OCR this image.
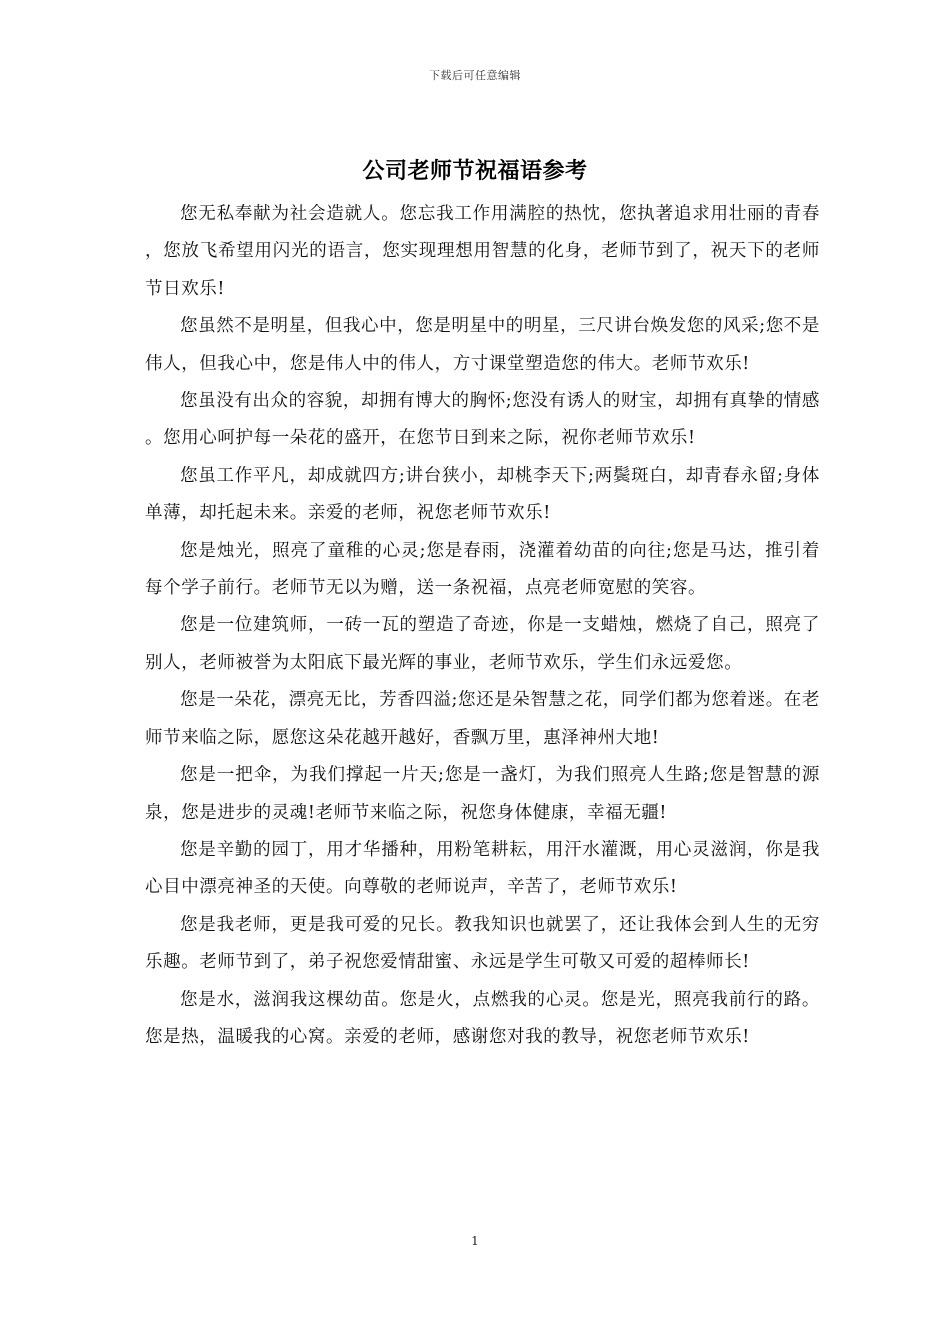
下载后可任意编辑
公司老师节祝福语参考

您无私奉献为社会造就人。您忘我工作用满腔的热忱，您执著追求用壮丽的青春，您放飞希望用闪光的语言，您实现理想用智慧的化身，老师节到了，祝天下的老师节日欢乐!

您虽然不是明星，但我心中，您是明星中的明星，三尺讲台焕发您的风采;您不是伟人，但我心中，您是伟人中的伟人，方寸课堂塑造您的伟大。老师节欢乐!

您虽没有出众的容貌，却拥有博大的胸怀;您没有诱人的财宝，却拥有真挚的情感。您用心呵护每一朵花的盛开，在您节日到来之际，祝你老师节欢乐!

您虽工作平凡，却成就四方;讲台狭小，却桃李天下;两鬓斑白，却青春永留;身体单薄，却托起未来。亲爱的老师，祝您老师节欢乐!

您是烛光，照亮了童稚的心灵;您是春雨，浇灌着幼苗的向往;您是马达，推引着每个学子前行。老师节无以为赠，送一条祝福，点亮老师宽慰的笑容。

您是一位建筑师，一砖一瓦的塑造了奇迹，你是一支蜡烛，燃烧了自己，照亮了别人，老师被誉为太阳底下最光辉的事业，老师节欢乐，学生们永远爱您。

您是一朵花，漂亮无比，芳香四溢;您还是朵智慧之花，同学们都为您着迷。在老师节来临之际，愿您这朵花越开越好，香飘万里，惠泽神州大地!

您是一把伞，为我们撑起一片天;您是一盏灯，为我们照亮人生路;您是智慧的源泉，您是进步的灵魂!老师节来临之际，祝您身体健康，幸福无疆!

您是辛勤的园丁，用才华播种，用粉笔耕耘，用汗水灌溉，用心灵滋润，你是我心目中漂亮神圣的天使。向尊敬的老师说声，辛苦了，老师节欢乐!

您是我老师，更是我可爱的兄长。教我知识也就罢了，还让我体会到人生的无穷乐趣。老师节到了，弟子祝您爱情甜蜜、永远是学生可敬又可爱的超棒师长!

您是水，滋润我这棵幼苗。您是火，点燃我的心灵。您是光，照亮我前行的路。您是热，温暖我的心窝。亲爱的老师，感谢您对我的教导，祝您老师节欢乐!

1
